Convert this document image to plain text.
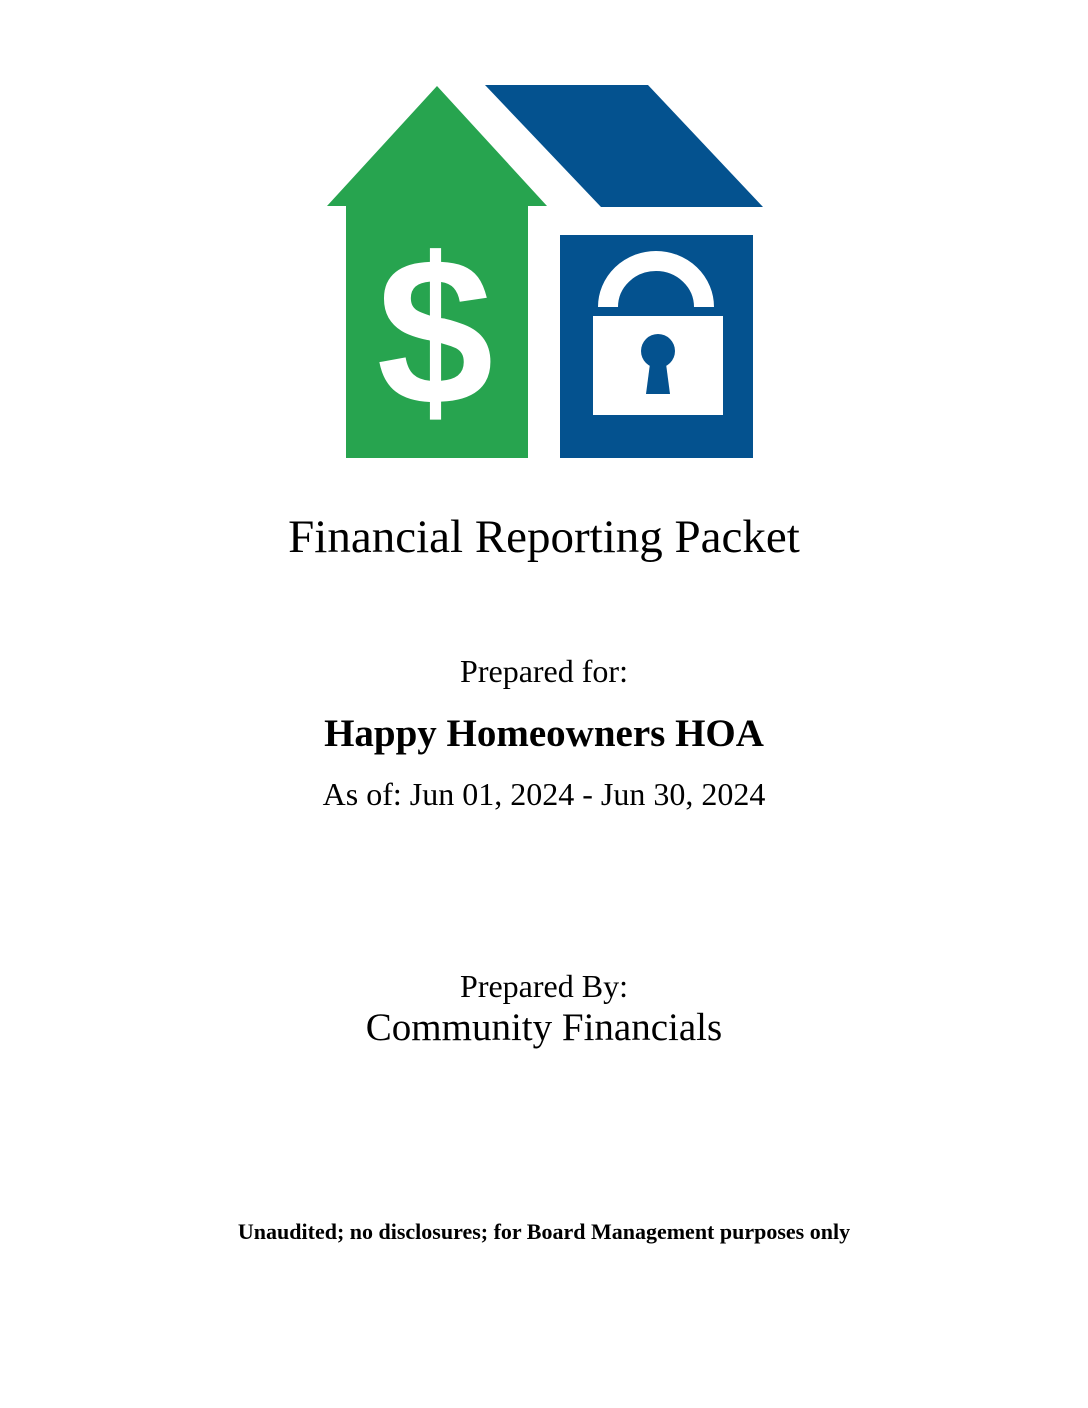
$
Financial Reporting Packet
Prepared for:
Happy Homeowners HOA
As of: Jun 01, 2024 - Jun 30, 2024
Prepared By:
Community Financials
Unaudited; no disclosures; for Board Management purposes only
